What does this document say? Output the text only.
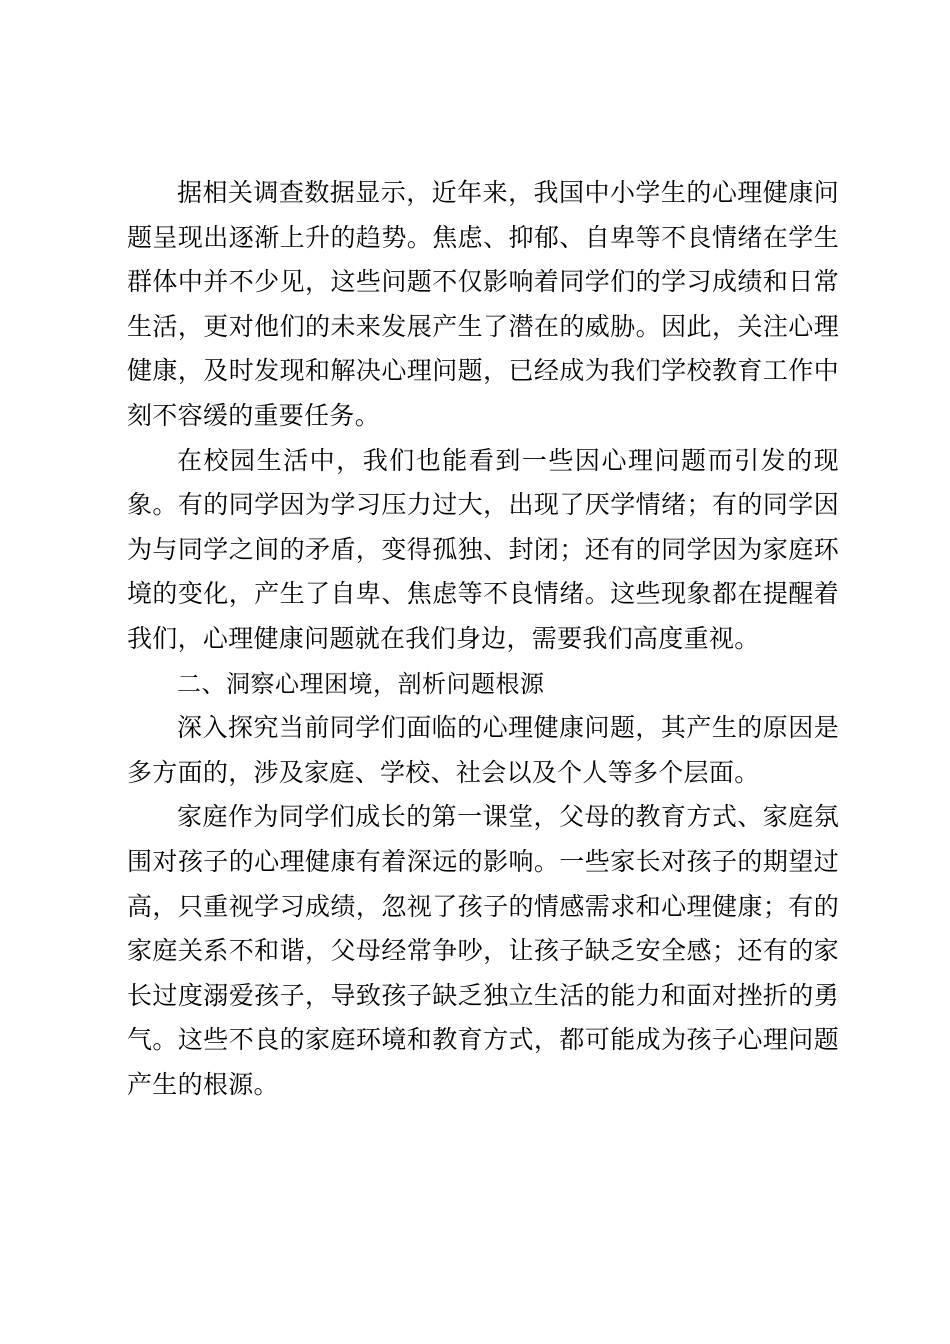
据相关调查数据显示，近年来，我国中小学生的心理健康问题呈现出逐渐上升的趋势。焦虑、抑郁、自卑等不良情绪在学生群体中并不少见，这些问题不仅影响着同学们的学习成绩和日常生活，更对他们的未来发展产生了潜在的威胁。因此，关注心理健康，及时发现和解决心理问题，已经成为我们学校教育工作中刻不容缓的重要任务。

在校园生活中，我们也能看到一些因心理问题而引发的现象。有的同学因为学习压力过大，出现了厌学情绪；有的同学因为与同学之间的矛盾，变得孤独、封闭；还有的同学因为家庭环境的变化，产生了自卑、焦虑等不良情绪。这些现象都在提醒着我们，心理健康问题就在我们身边，需要我们高度重视。

二、洞察心理困境，剖析问题根源

深入探究当前同学们面临的心理健康问题，其产生的原因是多方面的，涉及家庭、学校、社会以及个人等多个层面。

家庭作为同学们成长的第一课堂，父母的教育方式、家庭氛围对孩子的心理健康有着深远的影响。一些家长对孩子的期望过高，只重视学习成绩，忽视了孩子的情感需求和心理健康；有的家庭关系不和谐，父母经常争吵，让孩子缺乏安全感；还有的家长过度溺爱孩子，导致孩子缺乏独立生活的能力和面对挫折的勇气。这些不良的家庭环境和教育方式，都可能成为孩子心理问题产生的根源。
